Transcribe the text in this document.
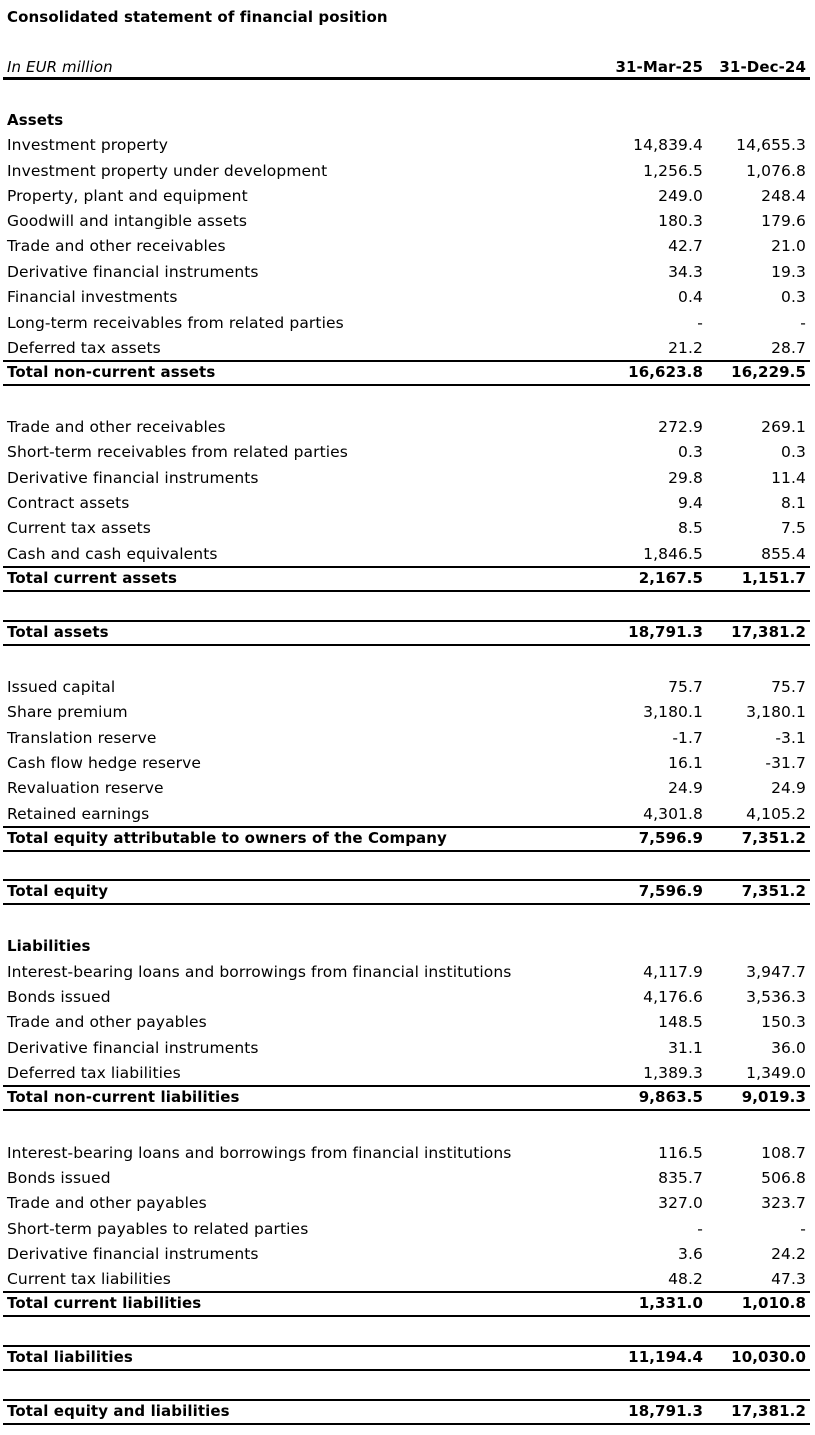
Consolidated statement of financial position
In EUR million	31-Mar-25 31-Dec-24
Assets
Investment property	14,839.4 14,655.3
Investment property under development	1,256.5	1,076.8
Property, plant and equipment	249.0	248.4
Goodwill and intangible assets	180.3	179.6
Trade and other receivables	42.7	21.0
Derivative financial instruments	34.3	19.3
Financial investments	0.4	0.3
Long-term receivables from related parties	-	-
Deferred tax assets	21.2	28.7
Total non-current assets	16,623.8 16,229.5
Trade and other receivables	272.9	269.1
Short-term receivables from related parties	0.3	0.3
Derivative financial instruments	29.8	11.4
Contract assets	9.4	8.1
Current tax assets	8.5	7.5
Cash and cash equivalents	1,846.5	855.4
Total current assets	2,167.5	1,151.7
Total assets	18,791.3 17,381.2
Issued capital	75.7	75.7
Share premium	3,180.1	3,180.1
Translation reserve	-1.7	-3.1
Cash flow hedge reserve	16.1	-31.7
Revaluation reserve	24.9	24.9
Retained earnings	4,301.8	4,105.2
Total equity attributable to owners of the Company	7,596.9	7,351.2
Total equity	7,596.9	7,351.2
Liabilities
Interest-bearing loans and borrowings from financial institutions	4,117.9	3,947.7
Bonds issued	4,176.6	3,536.3
Trade and other payables	148.5	150.3
Derivative financial instruments	31.1	36.0
Deferred tax liabilities	1,389.3	1,349.0
Total non-current liabilities	9,863.5	9,019.3
Interest-bearing loans and borrowings from financial institutions	116.5	108.7
Bonds issued	835.7	506.8
Trade and other payables	327.0	323.7
Short-term payables to related parties	-	-
Derivative financial instruments	3.6	24.2
Current tax liabilities	48.2	47.3
Total current liabilities	1,331.0	1,010.8
Total liabilities	11,194.4 10,030.0
Total equity and liabilities	18,791.3 17,381.2
